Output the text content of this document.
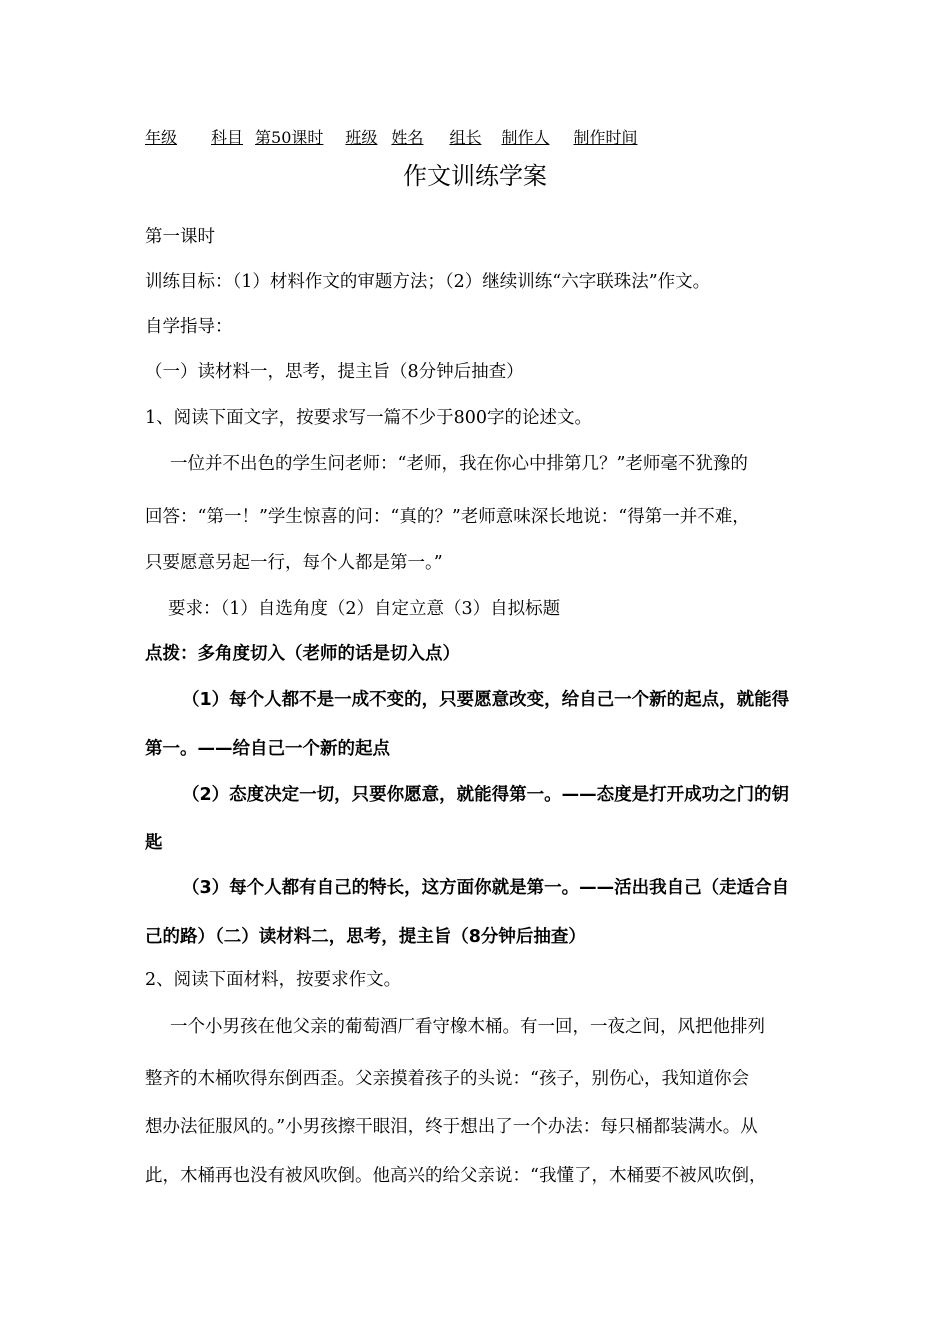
年级 科目 第50课时 班级 姓名 组长 制作人 制作时间
作文训练学案
第一课时
训练目标：（1）材料作文的审题方法；（2）继续训练“六字联珠法”作文。
自学指导：
（一）读材料一，思考，提主旨（8分钟后抽查）
1、阅读下面文字，按要求写一篇不少于800字的论述文。
一位并不出色的学生问老师：“老师，我在你心中排第几？”老师毫不犹豫的
回答：“第一！”学生惊喜的问：“真的？”老师意味深长地说：“得第一并不难，
只要愿意另起一行，每个人都是第一。”
要求：（1）自选角度（2）自定立意（3）自拟标题
点拨：多角度切入（老师的话是切入点）
（1）每个人都不是一成不变的，只要愿意改变，给自己一个新的起点，就能得
第一。——给自己一个新的起点
（2）态度决定一切，只要你愿意，就能得第一。——态度是打开成功之门的钥
匙
（3）每个人都有自己的特长，这方面你就是第一。——活出我自己（走适合自
己的路）（二）读材料二，思考，提主旨（8分钟后抽查）
2、阅读下面材料，按要求作文。
一个小男孩在他父亲的葡萄酒厂看守橡木桶。有一回，一夜之间，风把他排列
整齐的木桶吹得东倒西歪。父亲摸着孩子的头说：“孩子，别伤心，我知道你会
想办法征服风的。”小男孩擦干眼泪，终于想出了一个办法：每只桶都装满水。从
此，木桶再也没有被风吹倒。他高兴的给父亲说：“我懂了，木桶要不被风吹倒，
